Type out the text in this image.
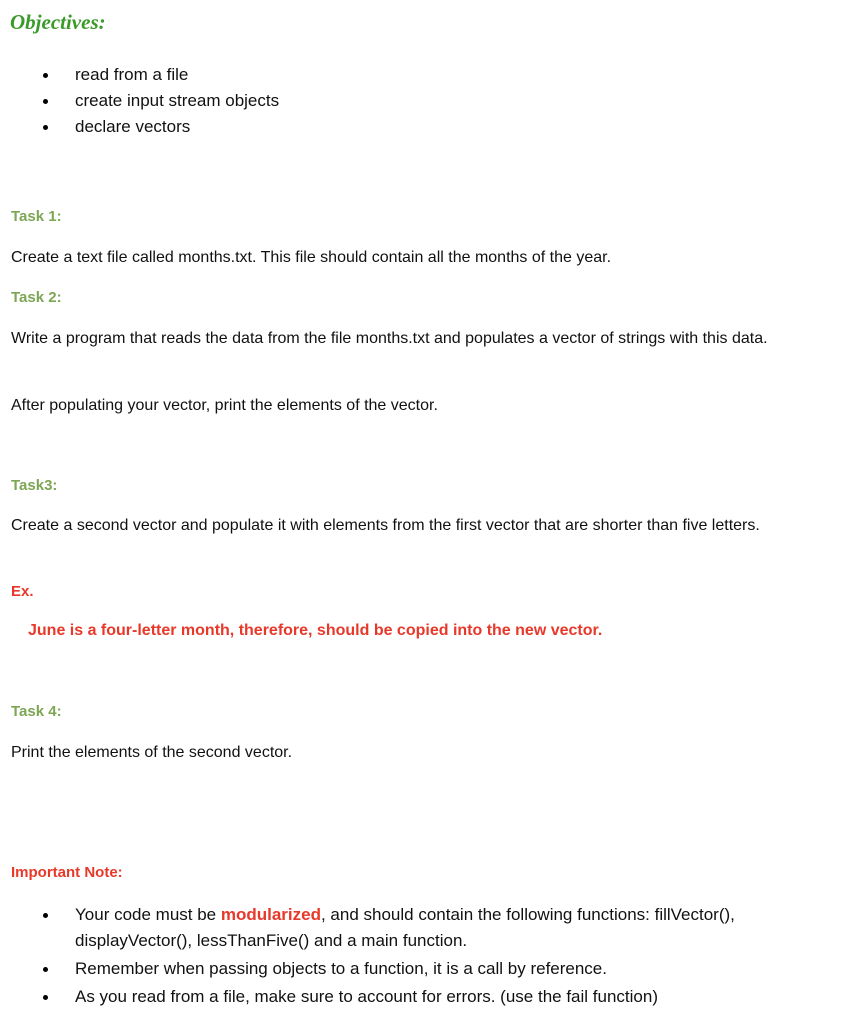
Objectives:
read from a file
create input stream objects
declare vectors
Task 1:

Create a text file called months.txt. This file should contain all the months of the year.

Task 2:

Write a program that reads the data from the file months.txt and populates a vector of strings with this data.

After populating your vector, print the elements of the vector.

Task3:

Create a second vector and populate it with elements from the first vector that are shorter than five letters.

Ex.
June is a four-letter month, therefore, should be copied into the new vector.
Task 4:

Print the elements of the second vector.

Important Note:
Your code must be modularized, and should contain the following functions: fillVector(), displayVector(), lessThanFive() and a main function.
Remember when passing objects to a function, it is a call by reference.
As you read from a file, make sure to account for errors. (use the fail function)
